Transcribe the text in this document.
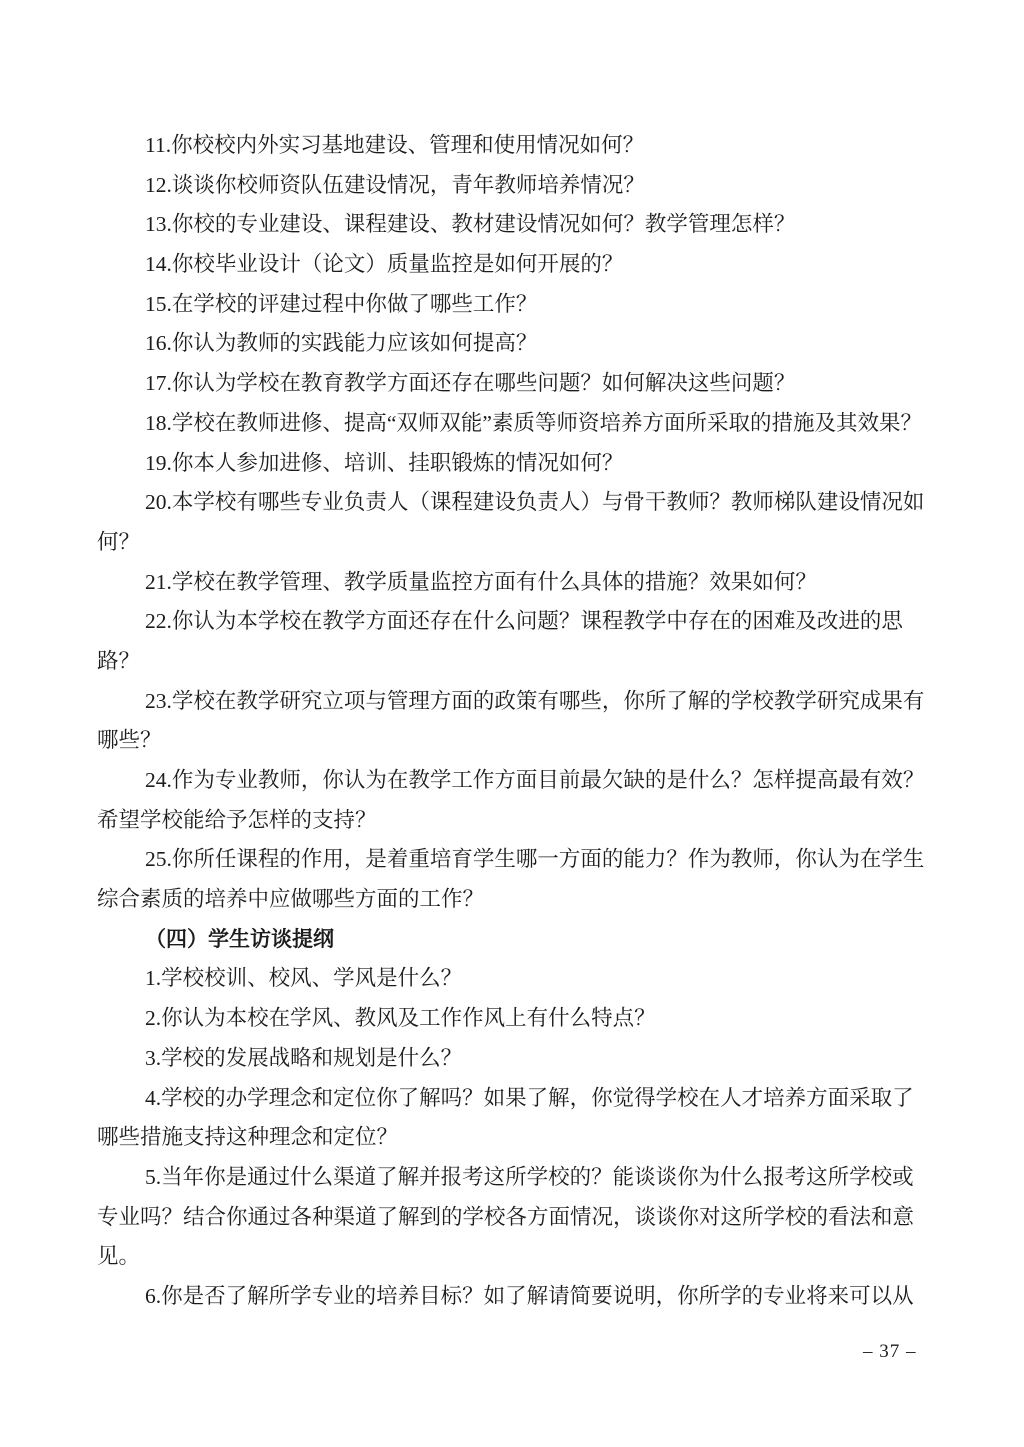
11.你校校内外实习基地建设、管理和使用情况如何？
12.谈谈你校师资队伍建设情况，青年教师培养情况？
13.你校的专业建设、课程建设、教材建设情况如何？教学管理怎样？
14.你校毕业设计（论文）质量监控是如何开展的？
15.在学校的评建过程中你做了哪些工作？
16.你认为教师的实践能力应该如何提高？
17.你认为学校在教育教学方面还存在哪些问题？如何解决这些问题？
18.学校在教师进修、提高“双师双能”素质等师资培养方面所采取的措施及其效果？
19.你本人参加进修、培训、挂职锻炼的情况如何？
20.本学校有哪些专业负责人（课程建设负责人）与骨干教师？教师梯队建设情况如
何？
21.学校在教学管理、教学质量监控方面有什么具体的措施？效果如何？
22.你认为本学校在教学方面还存在什么问题？课程教学中存在的困难及改进的思
路？
23.学校在教学研究立项与管理方面的政策有哪些，你所了解的学校教学研究成果有
哪些？
24.作为专业教师，你认为在教学工作方面目前最欠缺的是什么？怎样提高最有效？
希望学校能给予怎样的支持？
25.你所任课程的作用，是着重培育学生哪一方面的能力？作为教师，你认为在学生
综合素质的培养中应做哪些方面的工作？
（四）学生访谈提纲
1.学校校训、校风、学风是什么？
2.你认为本校在学风、教风及工作作风上有什么特点？
3.学校的发展战略和规划是什么？
4.学校的办学理念和定位你了解吗？如果了解，你觉得学校在人才培养方面采取了
哪些措施支持这种理念和定位？
5.当年你是通过什么渠道了解并报考这所学校的？能谈谈你为什么报考这所学校或
专业吗？结合你通过各种渠道了解到的学校各方面情况，谈谈你对这所学校的看法和意
见。
6.你是否了解所学专业的培养目标？如了解请简要说明，你所学的专业将来可以从
– 37 –
